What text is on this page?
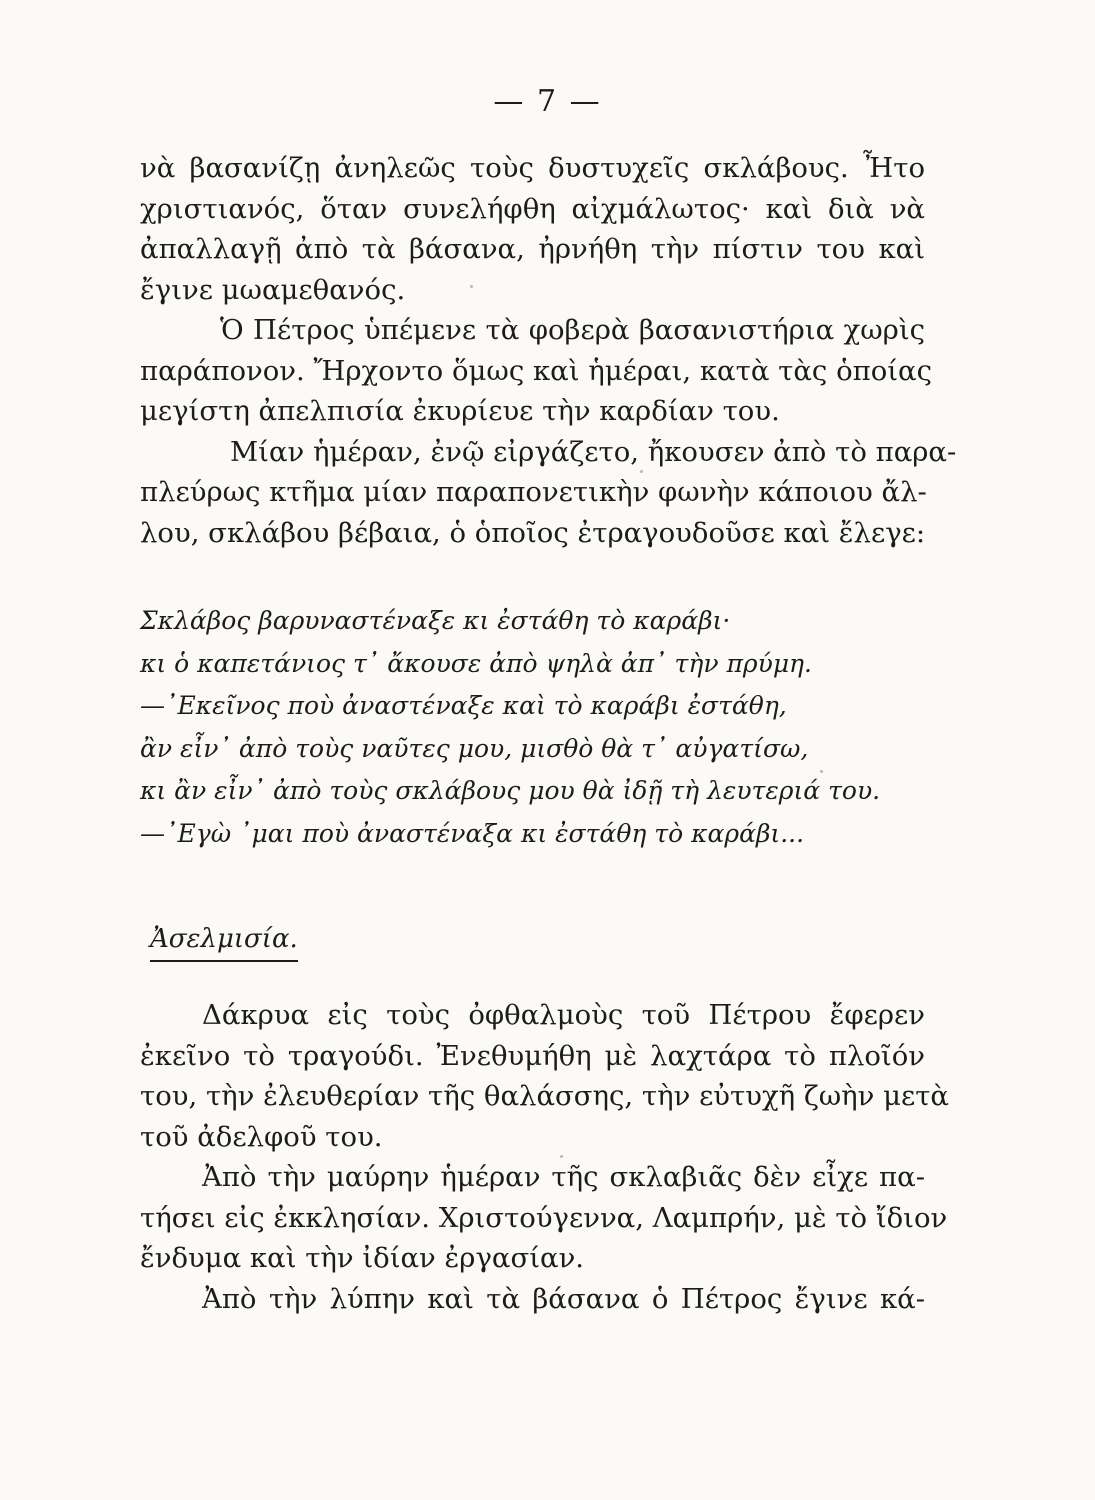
— 7 —
νὰ βασανίζῃ ἀνηλεῶς τοὺς δυστυχεῖς σκλάβους. Ἦτο
χριστιανός, ὅταν συνελήφθη αἰχμάλωτος· καὶ διὰ νὰ
ἀπαλλαγῇ ἀπὸ τὰ βάσανα, ἠρνήθη τὴν πίστιν του καὶ
ἔγινε μωαμεθανός.
Ὁ Πέτρος ὑπέμενε τὰ φοβερὰ βασανιστήρια χωρὶς
παράπονον. Ἤρχοντο ὅμως καὶ ἡμέραι, κατὰ τὰς ὁποίας
μεγίστη ἀπελπισία ἐκυρίευε τὴν καρδίαν του.
Μίαν ἡμέραν, ἐνῷ εἰργάζετο, ἤκουσεν ἀπὸ τὸ παρα-
πλεύρως κτῆμα μίαν παραπονετικὴν φωνὴν κάποιου ἄλ-
λου, σκλάβου βέβαια, ὁ ὁποῖος ἐτραγουδοῦσε καὶ ἔλεγε:
Σκλάβος βαρυναστέναξε κι ἐστάθη τὸ καράβι·
κι ὁ καπετάνιος τ᾿ ἄκουσε ἀπὸ ψηλὰ ἀπ᾿ τὴν πρύμη.
—᾿Εκεῖνος ποὺ ἀναστέναξε καὶ τὸ καράβι ἐστάθη,
ἂν εἶν᾿ ἀπὸ τοὺς ναῦτες μου, μισθὸ θὰ τ᾿ αὐγατίσω,
κι ἂν εἶν᾿ ἀπὸ τοὺς σκλάβους μου θὰ ἰδῇ τὴ λευτεριά του.
—᾿Εγὼ ᾿μαι ποὺ ἀναστέναξα κι ἐστάθη τὸ καράβι...
Ἀσελμισία.
Δάκρυα εἰς τοὺς ὀφθαλμοὺς τοῦ Πέτρου ἔφερεν
ἐκεῖνο τὸ τραγούδι. Ἐνεθυμήθη μὲ λαχτάρα τὸ πλοῖόν
του, τὴν ἐλευθερίαν τῆς θαλάσσης, τὴν εὐτυχῆ ζωὴν μετὰ
τοῦ ἀδελφοῦ του.
Ἀπὸ τὴν μαύρην ἡμέραν τῆς σκλαβιᾶς δὲν εἶχε πα-
τήσει εἰς ἐκκλησίαν. Χριστούγεννα, Λαμπρήν, μὲ τὸ ἴδιον
ἔνδυμα καὶ τὴν ἰδίαν ἐργασίαν.
Ἀπὸ τὴν λύπην καὶ τὰ βάσανα ὁ Πέτρος ἔγινε κά-
